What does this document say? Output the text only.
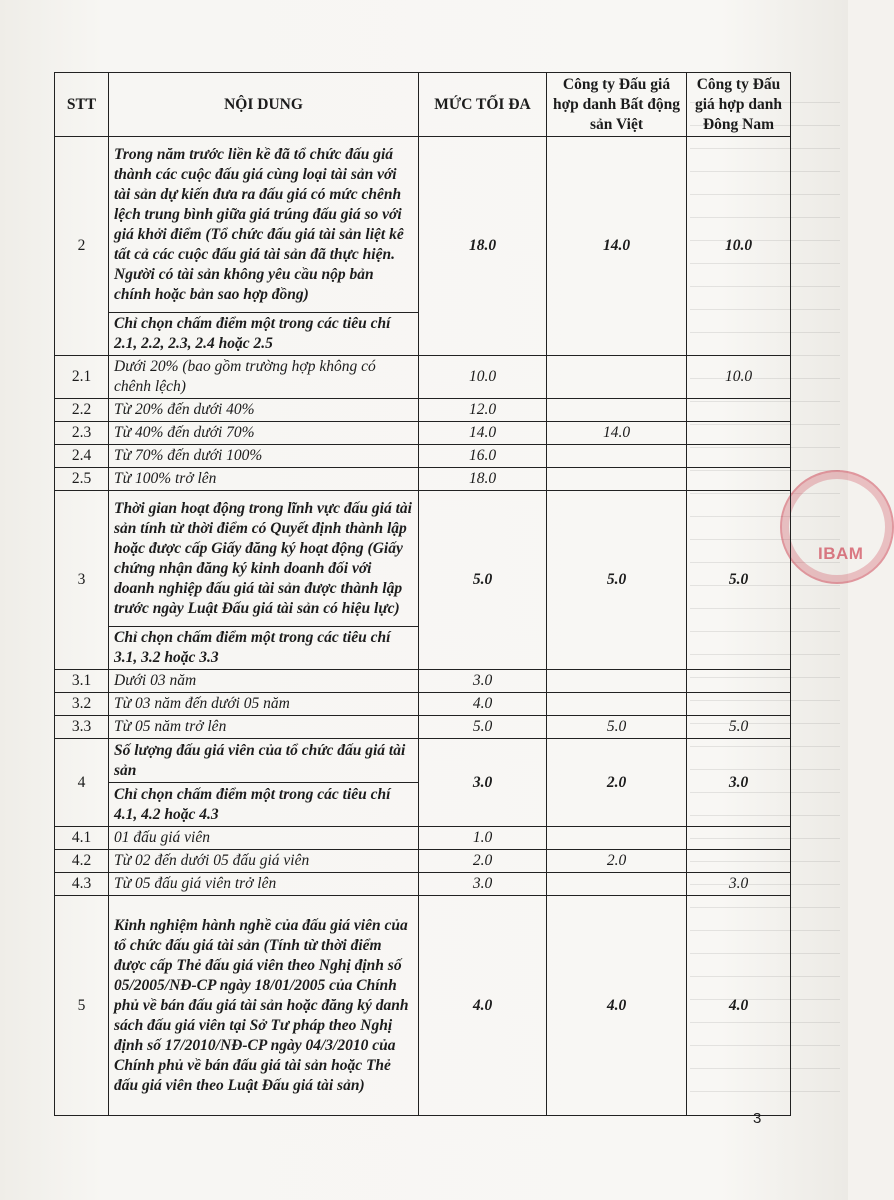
IBAM
STT	NỘI DUNG	MỨC TỐI ĐA	Công ty Đấu giá hợp danh Bất động sản Việt	Công ty Đấu giá hợp danh Đông Nam
2	Trong năm trước liền kề đã tổ chức đấu giá thành các cuộc đấu giá cùng loại tài sản với tài sản dự kiến đưa ra đấu giá có mức chênh lệch trung bình giữa giá trúng đấu giá so với giá khởi điểm (Tổ chức đấu giá tài sản liệt kê tất cả các cuộc đấu giá tài sản đã thực hiện. Người có tài sản không yêu cầu nộp bản chính hoặc bản sao hợp đồng)	18.0	14.0	10.0
	Chỉ chọn chấm điểm một trong các tiêu chí 2.1, 2.2, 2.3, 2.4 hoặc 2.5			
2.1	Dưới 20% (bao gồm trường hợp không có chênh lệch)	10.0		10.0
2.2	Từ 20% đến dưới 40%	12.0		
2.3	Từ 40% đến dưới 70%	14.0	14.0	
2.4	Từ 70% đến dưới 100%	16.0		
2.5	Từ 100% trở lên	18.0		
3	Thời gian hoạt động trong lĩnh vực đấu giá tài sản tính từ thời điểm có Quyết định thành lập hoặc được cấp Giấy đăng ký hoạt động (Giấy chứng nhận đăng ký kinh doanh đối với doanh nghiệp đấu giá tài sản được thành lập trước ngày Luật Đấu giá tài sản có hiệu lực)	5.0	5.0	5.0
	Chỉ chọn chấm điểm một trong các tiêu chí 3.1, 3.2 hoặc 3.3			
3.1	Dưới 03 năm	3.0		
3.2	Từ 03 năm đến dưới 05 năm	4.0		
3.3	Từ 05 năm trở lên	5.0	5.0	5.0
4	Số lượng đấu giá viên của tổ chức đấu giá tài sản	3.0	2.0	3.0
	Chỉ chọn chấm điểm một trong các tiêu chí 4.1, 4.2 hoặc 4.3			
4.1	01 đấu giá viên	1.0		
4.2	Từ 02 đến dưới 05 đấu giá viên	2.0	2.0	
4.3	Từ 05 đấu giá viên trở lên	3.0		3.0
5	Kinh nghiệm hành nghề của đấu giá viên của tổ chức đấu giá tài sản (Tính từ thời điểm được cấp Thẻ đấu giá viên theo Nghị định số 05/2005/NĐ-CP ngày 18/01/2005 của Chính phủ về bán đấu giá tài sản hoặc đăng ký danh sách đấu giá viên tại Sở Tư pháp theo Nghị định số 17/2010/NĐ-CP ngày 04/3/2010 của Chính phủ về bán đấu giá tài sản hoặc Thẻ đấu giá viên theo Luật Đấu giá tài sản)	4.0	4.0	4.0
3
